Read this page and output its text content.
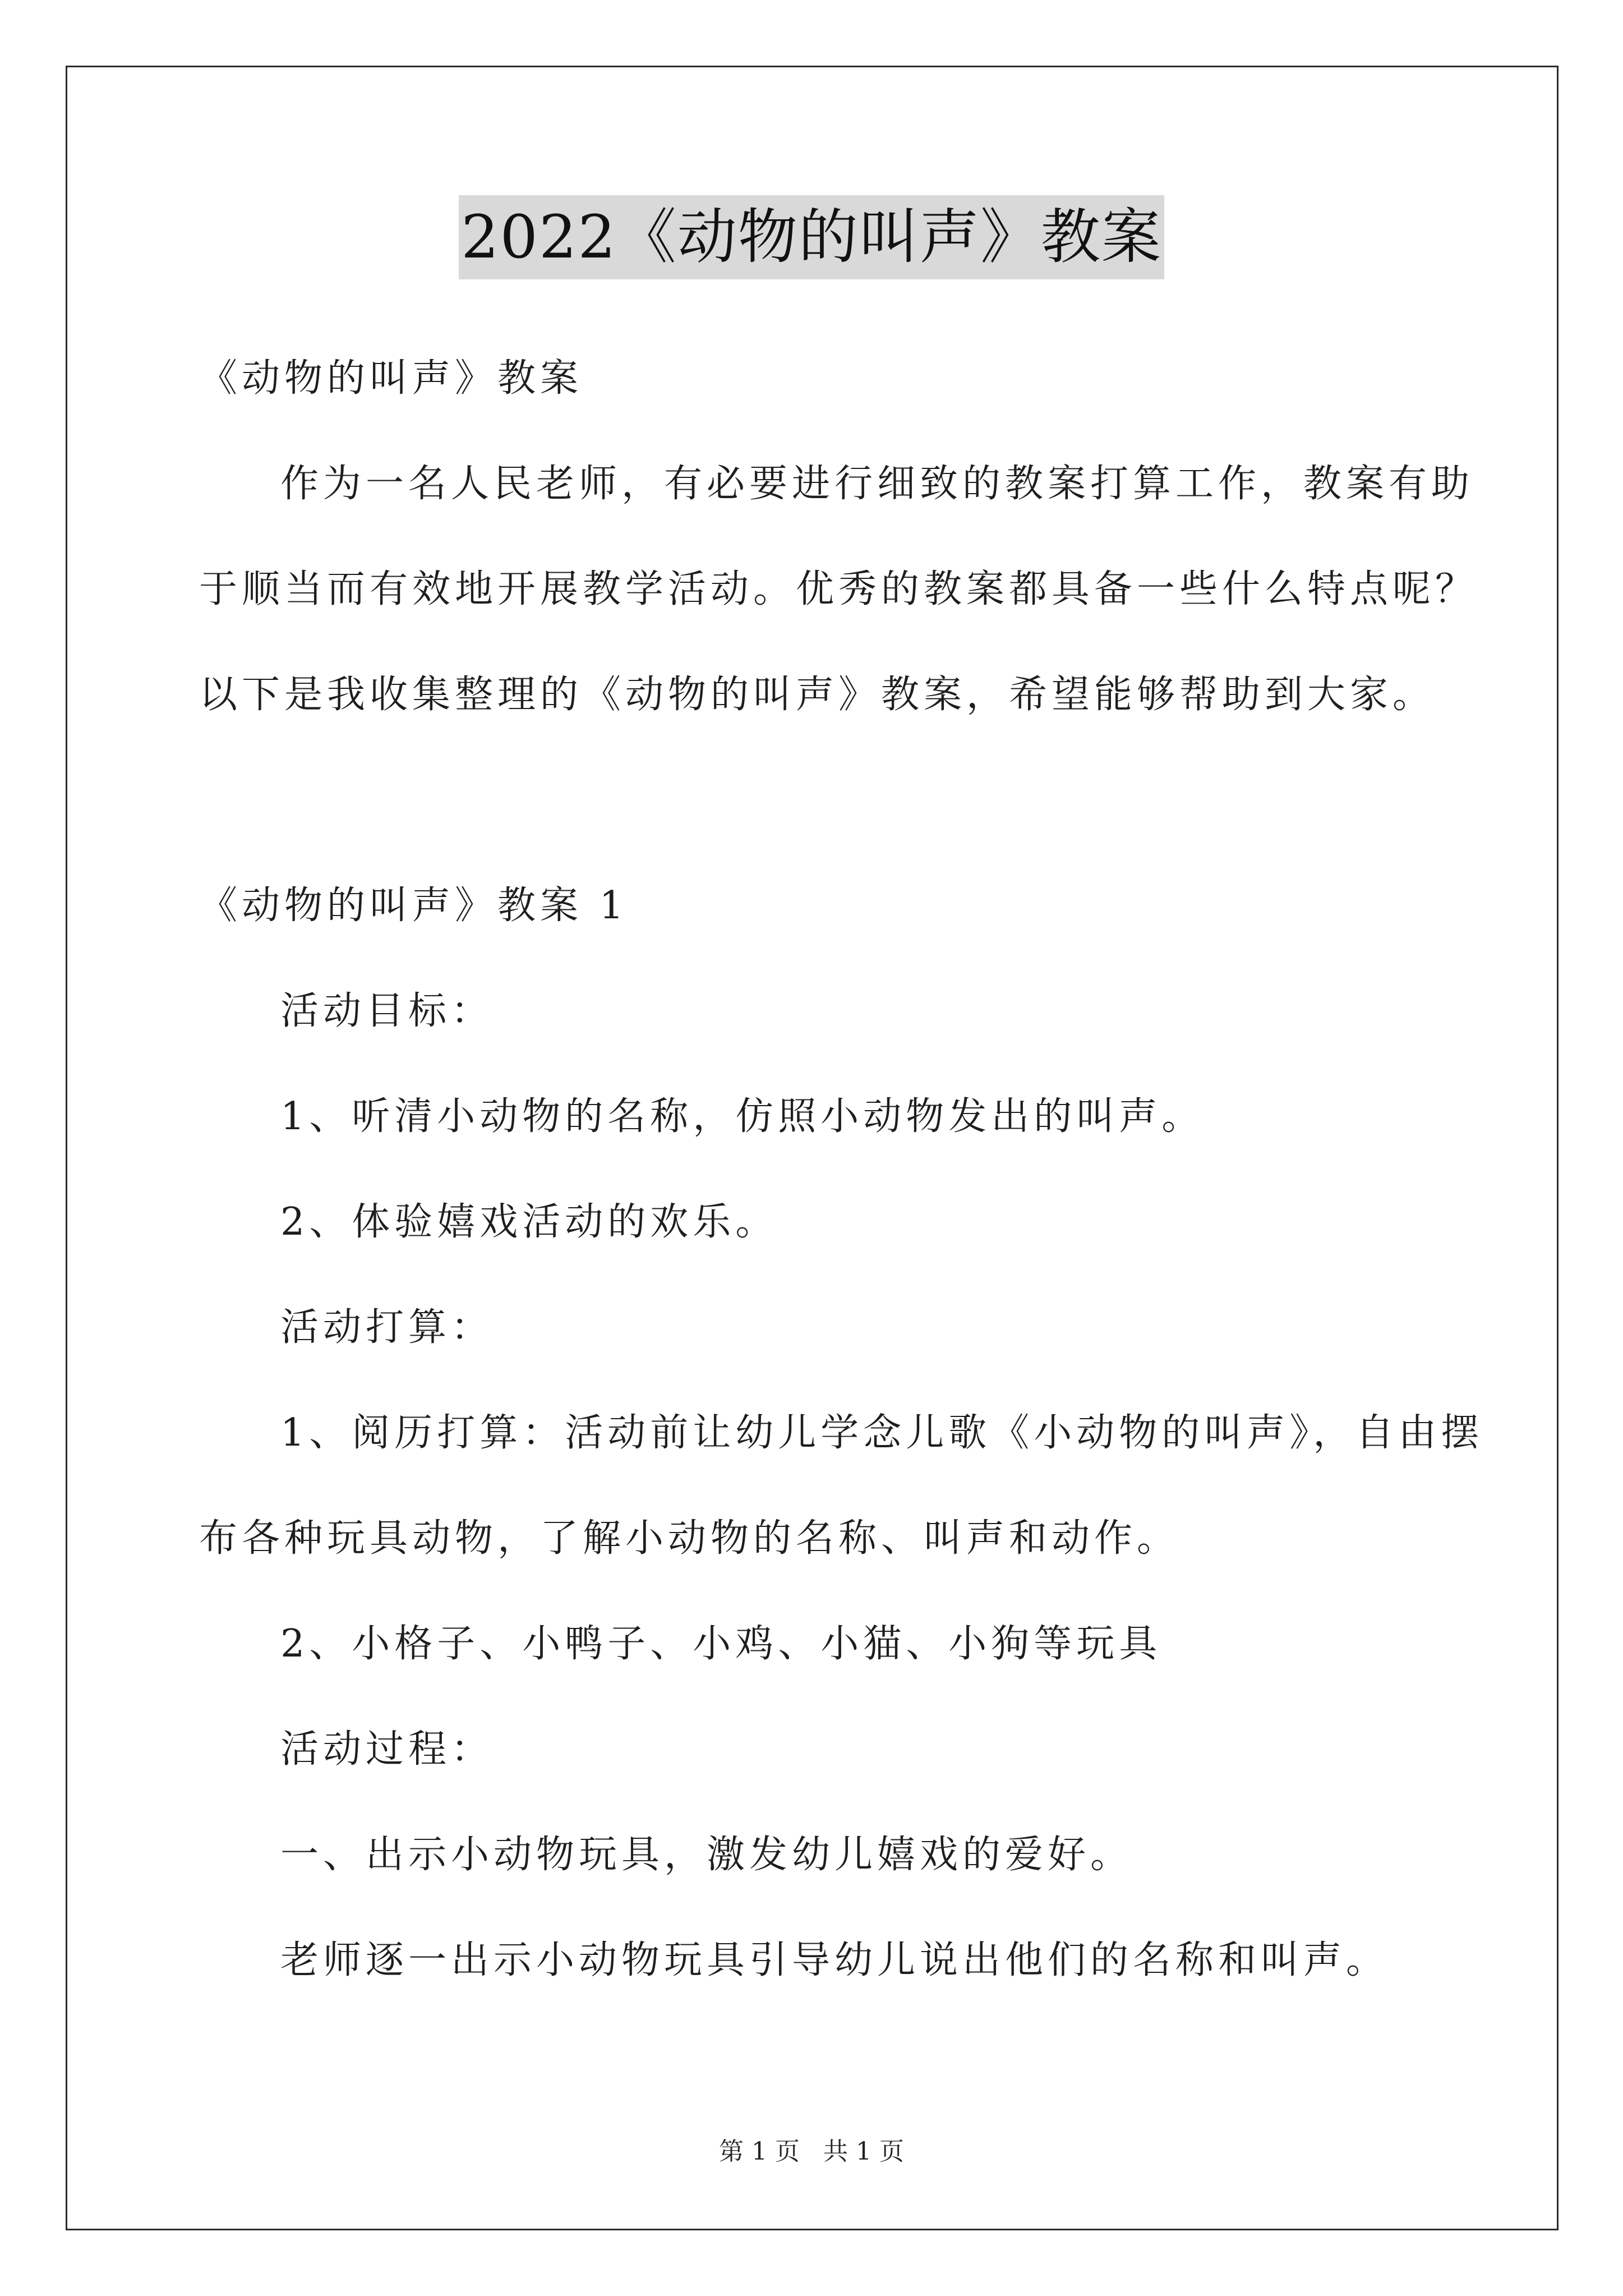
2022《动物的叫声》教案
《动物的叫声》教案
作为一名人民老师，有必要进行细致的教案打算工作，教案有助
于顺当而有效地开展教学活动。优秀的教案都具备一些什么特点呢？
以下是我收集整理的《动物的叫声》教案，希望能够帮助到大家。
《动物的叫声》教案 1
活动目标：
1、听清小动物的名称，仿照小动物发出的叫声。
2、体验嬉戏活动的欢乐。
活动打算：
1、阅历打算：活动前让幼儿学念儿歌《小动物的叫声》，自由摆
布各种玩具动物，了解小动物的名称、叫声和动作。
2、小格子、小鸭子、小鸡、小猫、小狗等玩具
活动过程：
一、出示小动物玩具，激发幼儿嬉戏的爱好。
老师逐一出示小动物玩具引导幼儿说出他们的名称和叫声。
第 1 页   共 1 页
